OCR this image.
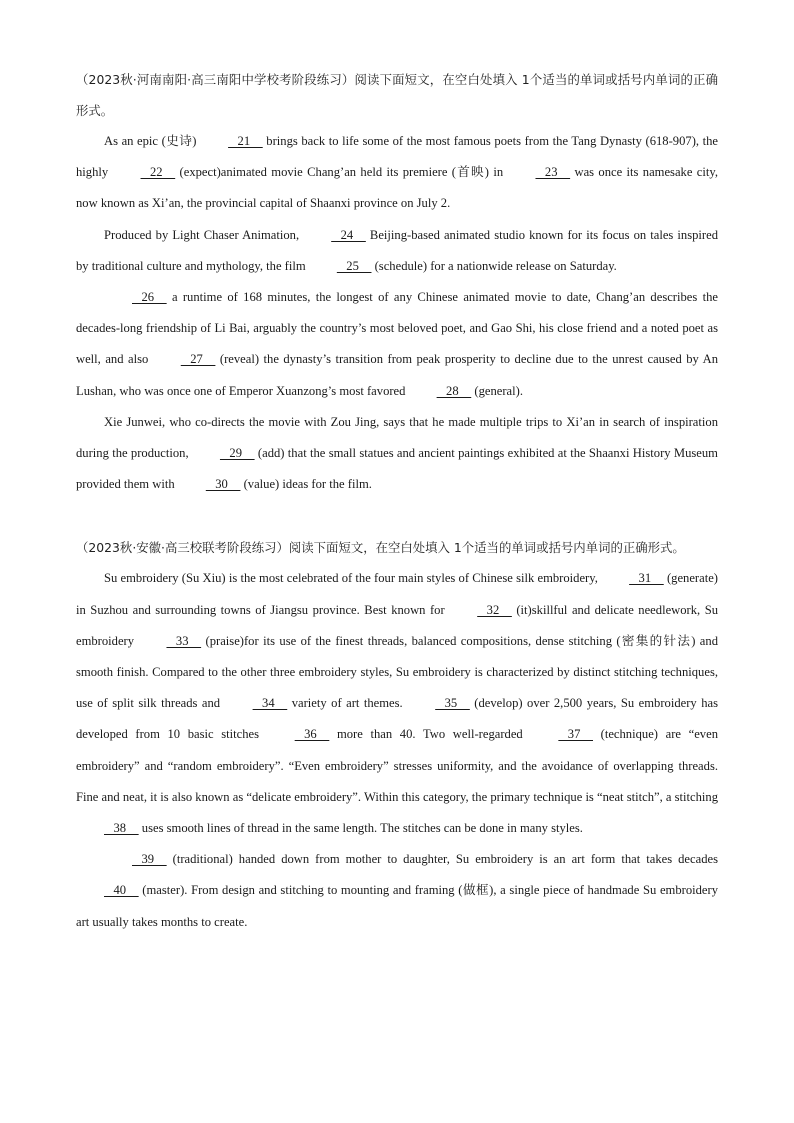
（2023秋·河南南阳·高三南阳中学校考阶段练习）阅读下面短文，在空白处填入 1个适当的单词或括号内单词的正确形式。

As an epic (史诗)    21     brings back to life some of the most famous poets from the Tang Dynasty (618-907), the highly    22     (expect)animated movie Chang’an held its premiere (首映) in    23     was once its namesake city, now known as Xi’an, the provincial capital of Shaanxi province on July 2.

Produced by Light Chaser Animation,    24     Beijing-based animated studio known for its focus on tales inspired by traditional culture and mythology, the film    25     (schedule) for a nationwide release on Saturday.

26     a runtime of 168 minutes, the longest of any Chinese animated movie to date, Chang’an describes the decades-long friendship of Li Bai, arguably the country’s most beloved poet, and Gao Shi, his close friend and a noted poet as well, and also    27     (reveal) the dynasty’s transition from peak prosperity to decline due to the unrest caused by An Lushan, who was once one of Emperor Xuanzong’s most favored    28     (general).

Xie Junwei, who co-directs the movie with Zou Jing, says that he made multiple trips to Xi’an in search of inspiration during the production,    29     (add) that the small statues and ancient paintings exhibited at the Shaanxi History Museum provided them with    30     (value) ideas for the film.

（2023秋·安徽·高三校联考阶段练习）阅读下面短文，在空白处填入 1个适当的单词或括号内单词的正确形式。

Su embroidery (Su Xiu) is the most celebrated of the four main styles of Chinese silk embroidery,    31     (generate) in Suzhou and surrounding towns of Jiangsu province. Best known for    32     (it)skillful and delicate needlework, Su embroidery    33     (praise)for its use of the finest threads, balanced compositions, dense stitching (密集的针法) and smooth finish. Compared to the other three embroidery styles, Su embroidery is characterized by distinct stitching techniques, use of split silk threads and    34     variety of art themes.    35     (develop) over 2,500 years, Su embroidery has developed from 10 basic stitches    36     more than 40. Two well-regarded    37     (technique) are “even embroidery” and “random embroidery”. “Even embroidery” stresses uniformity, and the avoidance of overlapping threads. Fine and neat, it is also known as “delicate embroidery”. Within this category, the primary technique is “neat stitch”, a stitching    38     uses smooth lines of thread in the same length. The stitches can be done in many styles.

39     (traditional) handed down from mother to daughter, Su embroidery is an art form that takes decades    40     (master). From design and stitching to mounting and framing (做框), a single piece of handmade Su embroidery art usually takes months to create.
